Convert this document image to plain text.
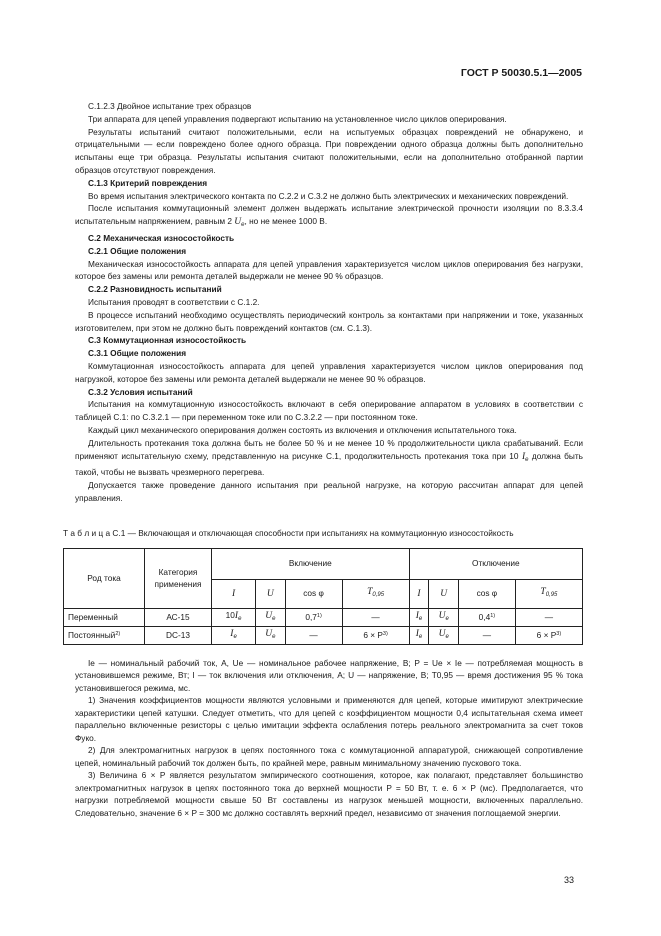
ГОСТ Р 50030.5.1—2005

С.1.2.3 Двойное испытание трех образцов

Три аппарата для цепей управления подвергают испытанию на установленное число циклов оперирования.

Результаты испытаний считают положительными, если на испытуемых образцах повреждений не обнаружено, и отрицательными — если повреждено более одного образца. При повреждении одного образца должны быть дополнительно испытаны еще три образца. Результаты испытания считают положительными, если на дополнительно отобранной партии образцов отсутствуют повреждения.

С.1.3 Критерий повреждения

Во время испытания электрического контакта по С.2.2 и С.3.2 не должно быть электрических и механических повреждений.

После испытания коммутационный элемент должен выдержать испытание электрической прочности изоляции по 8.3.3.4 испытательным напряжением, равным 2 $U_e$, но не менее 1000 В.

С.2 Механическая износостойкость

С.2.1 Общие положения

Механическая износостойкость аппарата для цепей управления характеризуется числом циклов оперирования без нагрузки, которое без замены или ремонта деталей выдержали не менее 90 % образцов.

С.2.2 Разновидность испытаний

Испытания проводят в соответствии с С.1.2.

В процессе испытаний необходимо осуществлять периодический контроль за контактами при напряжении и токе, указанных изготовителем, при этом не должно быть повреждений контактов (см. С.1.3).

С.3 Коммутационная износостойкость

С.3.1 Общие положения

Коммутационная износостойкость аппарата для цепей управления характеризуется числом циклов оперирования под нагрузкой, которое без замены или ремонта деталей выдержали не менее 90 % образцов.

С.3.2 Условия испытаний

Испытания на коммутационную износостойкость включают в себя оперирование аппаратом в условиях в соответствии с таблицей С.1: по С.3.2.1 — при переменном токе или по С.3.2.2 — при постоянном токе.

Каждый цикл механического оперирования должен состоять из включения и отключения испытательного тока.

Длительность протекания тока должна быть не более 50 % и не менее 10 % продолжительности цикла срабатываний. Если применяют испытательную схему, представленную на рисунке С.1, продолжительность протекания тока при 10 $I_e$ должна быть такой, чтобы не вызвать чрезмерного перегрева.

Допускается также проведение данного испытания при реальной нагрузке, на которую рассчитан аппарат для цепей управления.

Т а б л и ц а С.1 — Включающая и отключающая способности при испытаниях на коммутационную износостойкость

Род тока	Категория применения	Включение				Отключение			
		I	U	cos φ	$T_{0,95}$	I	U	cos φ	$T_{0,95}$
Переменный	АС-15	$10I_e$	$U_e$	0,7$^{1)}$	—	$I_e$	$U_e$	0,4$^{1)}$	—
Постоянный$^{2)}$	DC-13	$I_e$	$U_e$	—	$6 \times P^{3)}$	$I_e$	$U_e$	—	$6 \times P^{3)}$

Iе — номинальный рабочий ток, А, Uе — номинальное рабочее напряжение, В; P = Uе × Iе — потребляемая мощность в установившемся режиме, Вт; I — ток включения или отключения, А; U — напряжение, В; T0,95 — время достижения 95 % тока установившегося режима, мс.

1) Значения коэффициентов мощности являются условными и применяются для цепей, которые имитируют электрические характеристики цепей катушки. Следует отметить, что для цепей с коэффициентом мощности 0,4 испытательная схема имеет параллельно включенные резисторы с целью имитации эффекта ослабления потерь реального электромагнита за счет токов Фуко.

2) Для электромагнитных нагрузок в цепях постоянного тока с коммутационной аппаратурой, снижающей сопротивление цепей, номинальный рабочий ток должен быть, по крайней мере, равным минимальному значению пускового тока.

3) Величина 6 × P является результатом эмпирического соотношения, которое, как полагают, представляет большинство электромагнитных нагрузок в цепях постоянного тока до верхней мощности P = 50 Вт, т. е. 6 × P (мс). Предполагается, что нагрузки потребляемой мощности свыше 50 Вт составлены из нагрузок меньшей мощности, включенных параллельно. Следовательно, значение 6 × P = 300 мс должно составлять верхний предел, независимо от значения поглощаемой энергии.

33
